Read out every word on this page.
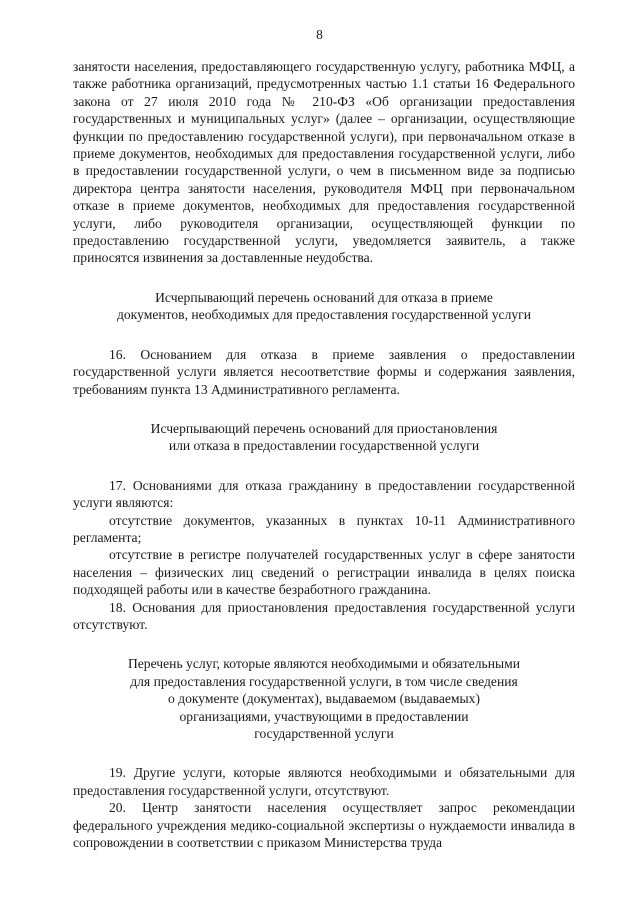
8

занятости населения, предоставляющего государственную услугу, работника МФЦ, а также работника организаций, предусмотренных частью 1.1 статьи 16 Федерального закона от 27 июля 2010 года № 210-ФЗ «Об организации предоставления государственных и муниципальных услуг» (далее – организации, осуществляющие функции по предоставлению государственной услуги), при первоначальном отказе в приеме документов, необходимых для предоставления государственной услуги, либо в предоставлении государственной услуги, о чем в письменном виде за подписью директора центра занятости населения, руководителя МФЦ при первоначальном отказе в приеме документов, необходимых для предоставления государственной услуги, либо руководителя организации, осуществляющей функции по предоставлению государственной услуги, уведомляется заявитель, а также приносятся извинения за доставленные неудобства.

Исчерпывающий перечень оснований для отказа в приеме
документов, необходимых для предоставления государственной услуги

16. Основанием для отказа в приеме заявления о предоставлении государственной услуги является несоответствие формы и содержания заявления, требованиям пункта 13 Административного регламента.

Исчерпывающий перечень оснований для приостановления
или отказа в предоставлении государственной услуги

17. Основаниями для отказа гражданину в предоставлении государственной услуги являются:

отсутствие документов, указанных в пунктах 10-11 Административного регламента;

отсутствие в регистре получателей государственных услуг в сфере занятости населения – физических лиц сведений о регистрации инвалида в целях поиска подходящей работы или в качестве безработного гражданина.

18. Основания для приостановления предоставления государственной услуги отсутствуют.

Перечень услуг, которые являются необходимыми и обязательными
для предоставления государственной услуги, в том числе сведения
о документе (документах), выдаваемом (выдаваемых)
организациями, участвующими в предоставлении
государственной услуги

19. Другие услуги, которые являются необходимыми и обязательными для предоставления государственной услуги, отсутствуют.

20. Центр занятости населения осуществляет запрос рекомендации федерального учреждения медико-социальной экспертизы о нуждаемости инвалида в сопровождении в соответствии с приказом Министерства труда
